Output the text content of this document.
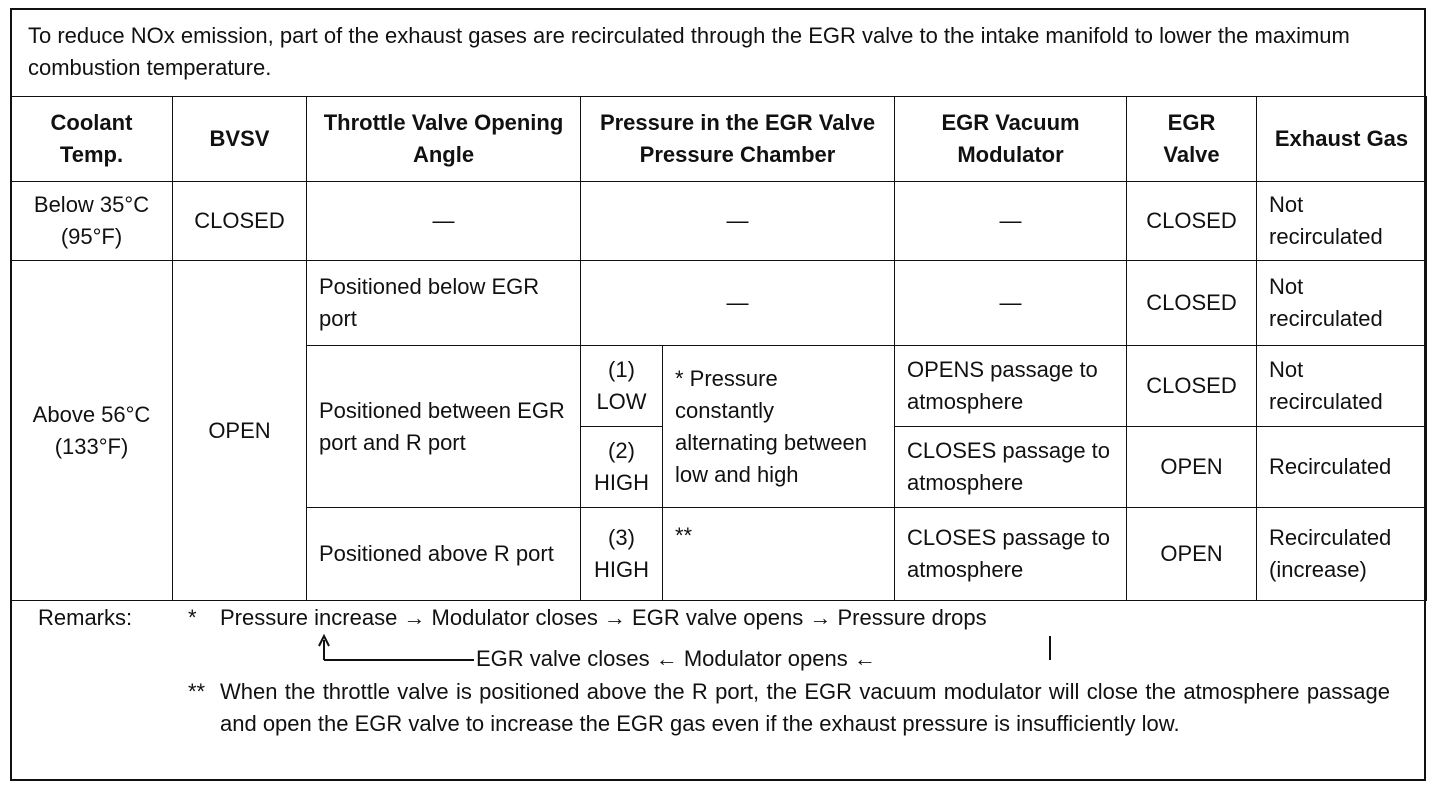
To reduce NOx emission, part of the exhaust gases are recirculated through the EGR valve to the intake manifold to lower the maximum combustion temperature.
Coolant Temp.	BVSV	Throttle Valve Opening Angle	Pressure in the EGR Valve Pressure Chamber		EGR Vacuum Modulator	EGR Valve	Exhaust Gas
Below 35°C (95°F)	CLOSED	—	—		—	CLOSED	Not recirculated
Above 56°C (133°F)	OPEN	Positioned below EGR port	—		—	CLOSED	Not recirculated
		Positioned between EGR port and R port	(1) LOW	* Pressure constantly alternating between low and high	OPENS passage to atmosphere	CLOSED	Not recirculated
			(2) HIGH		CLOSES passage to atmosphere	OPEN	Recirculated
		Positioned above R port	(3) HIGH	**	CLOSES passage to atmosphere	OPEN	Recirculated (increase)
Remarks:	* Pressure increase → Modulator closes → EGR valve opens → Pressure drops
EGR valve closes ← Modulator opens ←
** When the throttle valve is positioned above the R port, the EGR vacuum modulator will close the atmosphere passage and open the EGR valve to increase the EGR gas even if the exhaust pressure is insufficiently low.
